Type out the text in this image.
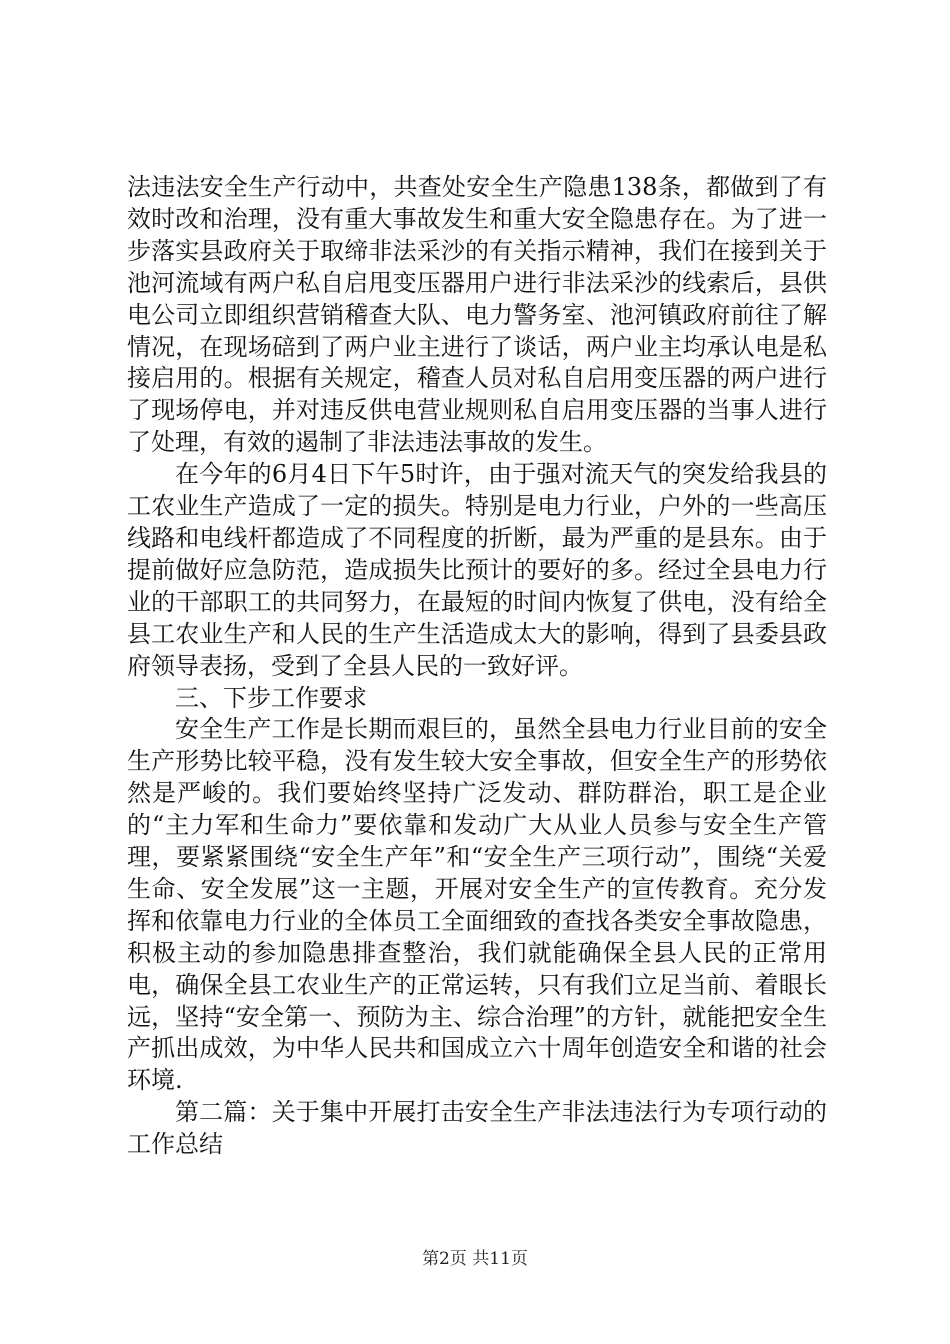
法违法安全生产行动中，共查处安全生产隐患138条，都做到了有效时改和治理，没有重大事故发生和重大安全隐患存在。为了进一步落实县政府关于取缔非法采沙的有关指示精神，我们在接到关于池河流域有两户私自启甩变压器用户进行非法采沙的线索后，县供电公司立即组织营销稽查大队、电力警务室、池河镇政府前往了解情况，在现场碚到了两户业主进行了谈话，两户业主均承认电是私接启用的。根据有关规定，稽查人员对私自启用变压器的两户进行了现场停电，并对违反供电营业规则私自启用变压器的当事人进行了处理，有效的遏制了非法违法事故的发生。

在今年的6月4日下午5时许，由于强对流天气的突发给我县的工农业生产造成了一定的损失。特别是电力行业，户外的一些高压线路和电线杆都造成了不同程度的折断，最为严重的是县东。由于提前做好应急防范，造成损失比预计的要好的多。经过全县电力行业的干部职工的共同努力，在最短的时间内恢复了供电，没有给全县工农业生产和人民的生产生活造成太大的影响，得到了县委县政府领导表扬，受到了全县人民的一致好评。

三、下步工作要求

安全生产工作是长期而艰巨的，虽然全县电力行业目前的安全生产形势比较平稳，没有发生较大安全事故，但安全生产的形势依然是严峻的。我们要始终坚持广泛发动、群防群治，职工是企业的“主力军和生命力”要依靠和发动广大从业人员参与安全生产管理，要紧紧围绕“安全生产年”和“安全生产三项行动”，围绕“关爱生命、安全发展”这一主题，开展对安全生产的宣传教育。充分发挥和依靠电力行业的全体员工全面细致的查找各类安全事故隐患，积极主动的参加隐患排查整治，我们就能确保全县人民的正常用电，确保全县工农业生产的正常运转，只有我们立足当前、着眼长远，坚持“安全第一、预防为主、综合治理”的方针，就能把安全生产抓出成效，为中华人民共和国成立六十周年创造安全和谐的社会环境.

第二篇：关于集中开展打击安全生产非法违法行为专项行动的工作总结

第2页 共11页
